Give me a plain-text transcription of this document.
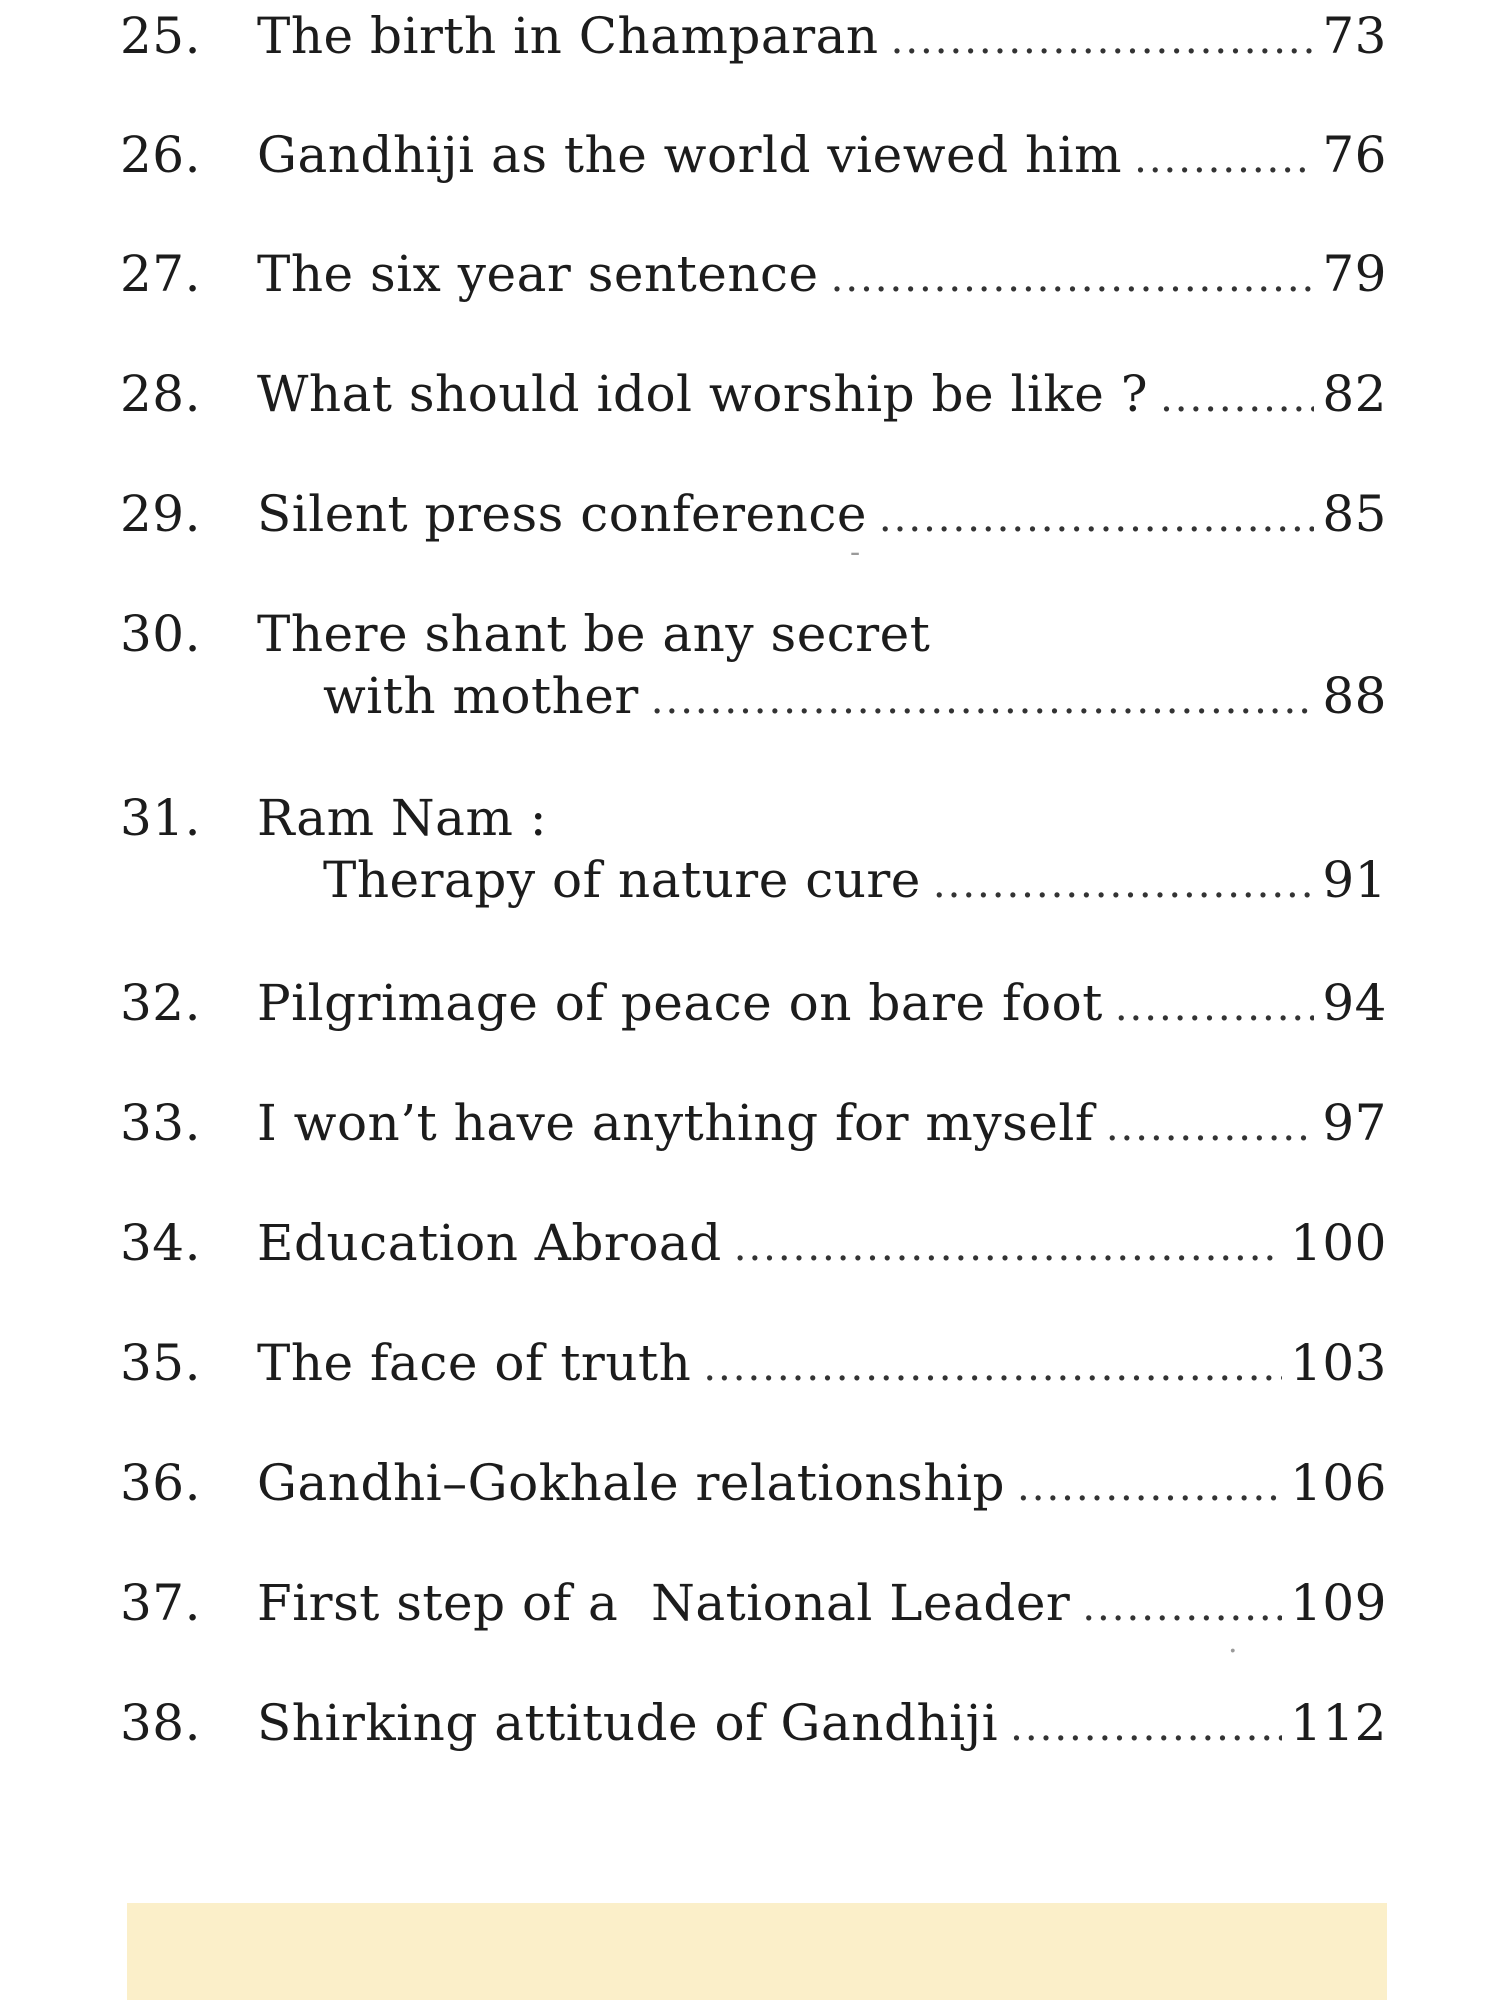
25.	The birth in Champaran .....	73
26.	Gandhiji as the world viewed him .....	76
27.	The six year sentence .....	79
28.	What should idol worship be like ? .....	82
29.	Silent press conference .....	85
30.	There shant be any secret
with mother .....	88
31.	Ram Nam :
Therapy of nature cure .....	91
32.	Pilgrimage of peace on bare foot .....	94
33.	I won’t have anything for myself .....	97
34.	Education Abroad .....	100
35.	The face of truth .....	103
36.	Gandhi–Gokhale relationship .....	106
37.	First step of a  National Leader .....	109
38.	Shirking attitude of Gandhiji .....	112
-
.
